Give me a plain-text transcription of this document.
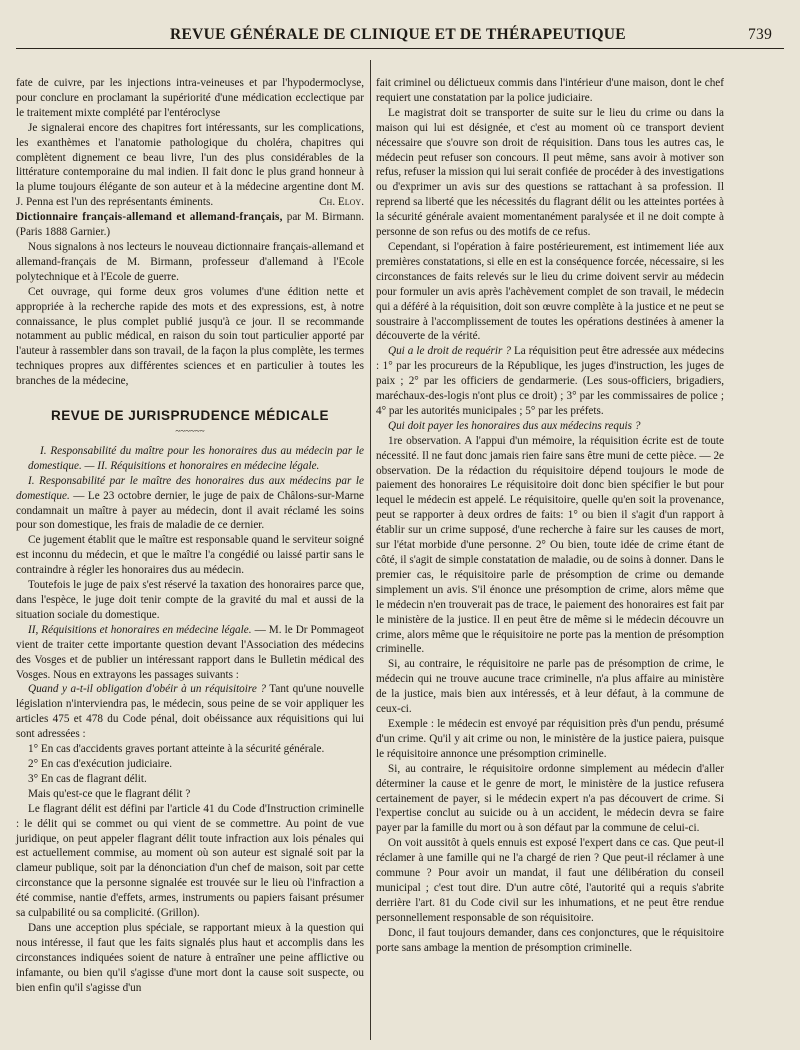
REVUE GÉNÉRALE DE CLINIQUE ET DE THÉRAPEUTIQUE	739

fate de cuivre, par les injections intra-veineuses et par l'hypodermoclyse, pour conclure en proclamant la supériorité d'une médication ecclectique par le traitement mixte complété par l'entéroclyse

Je signalerai encore des chapitres fort intéressants, sur les complications, les exanthèmes et l'anatomie pathologique du choléra, chapitres qui complètent dignement ce beau livre, l'un des plus considérables de la littérature contemporaine du mal indien. Il fait donc le plus grand honneur à la plume toujours élégante de son auteur et à la médecine argentine dont M. J. Penna est l'un des représentants éminents.	Ch. Eloy.

Dictionnaire français-allemand et allemand-français, par M. Birmann. (Paris 1888 Garnier.)

Nous signalons à nos lecteurs le nouveau dictionnaire français-allemand et allemand-français de M. Birmann, professeur d'allemand à l'Ecole polytechnique et à l'Ecole de guerre.

Cet ouvrage, qui forme deux gros volumes d'une édition nette et appropriée à la recherche rapide des mots et des expressions, est, à notre connaissance, le plus complet publié jusqu'à ce jour. Il se recommande notamment au public médical, en raison du soin tout particulier apporté par l'auteur à rassembler dans son travail, de la façon la plus complète, les termes techniques propres aux différentes sciences et en particulier à toutes les branches de la médecine,

REVUE DE JURISPRUDENCE MÉDICALE
~~~~~~

I. Responsabilité du maître pour les honoraires dus au médecin par le domestique. — II. Réquisitions et honoraires en médecine légale.

I. Responsabilité par le maître des honoraires dus aux médecins par le domestique. — Le 23 octobre dernier, le juge de paix de Châlons-sur-Marne condamnait un maître à payer au médecin, dont il avait réclamé les soins pour son domestique, les frais de maladie de ce dernier.

Ce jugement établit que le maître est responsable quand le serviteur soigné est inconnu du médecin, et que le maître l'a congédié ou laissé partir sans le contraindre à régler les honoraires dus au médecin.

Toutefois le juge de paix s'est réservé la taxation des honoraires parce que, dans l'espèce, le juge doit tenir compte de la gravité du mal et aussi de la situation sociale du domestique.

II, Réquisitions et honoraires en médecine légale. — M. le Dr Pommageot vient de traiter cette importante question devant l'Association des médecins des Vosges et de publier un intéressant rapport dans le Bulletin médical des Vosges. Nous en extrayons les passages suivants :

Quand y a-t-il obligation d'obéir à un réquisitoire ? Tant qu'une nouvelle législation n'interviendra pas, le médecin, sous peine de se voir appliquer les articles 475 et 478 du Code pénal, doit obéissance aux réquisitions qui lui sont adressées :

1° En cas d'accidents graves portant atteinte à la sécurité générale.

2° En cas d'exécution judiciaire.

3° En cas de flagrant délit.

Mais qu'est-ce que le flagrant délit ?

Le flagrant délit est défini par l'article 41 du Code d'Instruction criminelle : le délit qui se commet ou qui vient de se commettre. Au point de vue juridique, on peut appeler flagrant délit toute infraction aux lois pénales qui est actuellement commise, au moment où son auteur est signalé soit par la clameur publique, soit par la dénonciation d'un chef de maison, soit par cette circonstance que la personne signalée est trouvée sur le lieu où l'infraction a été commise, nantie d'effets, armes, instruments ou papiers faisant présumer sa culpabilité ou sa complicité. (Grillon).

Dans une acception plus spéciale, se rapportant mieux à la question qui nous intéresse, il faut que les faits signalés plus haut et accomplis dans les circonstances indiquées soient de nature à entraîner une peine afflictive ou infamante, ou bien qu'il s'agisse d'une mort dont la cause soit suspecte, ou bien enfin qu'il s'agisse d'un

fait criminel ou délictueux commis dans l'intérieur d'une maison, dont le chef requiert une constatation par la police judiciaire.

Le magistrat doit se transporter de suite sur le lieu du crime ou dans la maison qui lui est désignée, et c'est au moment où ce transport devient nécessaire que s'ouvre son droit de réquisition. Dans tous les autres cas, le médecin peut refuser son concours. Il peut même, sans avoir à motiver son refus, refuser la mission qui lui serait confiée de procéder à des investigations ou d'exprimer un avis sur des questions se rattachant à sa profession. Il reprend sa liberté que les nécessités du flagrant délit ou les atteintes portées à la sécurité générale avaient momentanément paralysée et il ne doit compte à personne de son refus ou des motifs de ce refus.

Cependant, si l'opération à faire postérieurement, est intimement liée aux premières constatations, si elle en est la conséquence forcée, nécessaire, si les circonstances de faits relevés sur le lieu du crime doivent servir au médecin pour formuler un avis après l'achèvement complet de son travail, le médecin qui a déféré à la réquisition, doit son œuvre complète à la justice et ne peut se soustraire à l'accomplissement de toutes les opérations destinées à amener la découverte de la vérité.

Qui a le droit de requérir ? La réquisition peut être adressée aux médecins : 1° par les procureurs de la République, les juges d'instruction, les juges de paix ; 2° par les officiers de gendarmerie. (Les sous-officiers, brigadiers, maréchaux-des-logis n'ont plus ce droit) ; 3° par les commissaires de police ; 4° par les autorités municipales ; 5° par les préfets.

Qui doit payer les honoraires dus aux médecins requis ?

1re observation. A l'appui d'un mémoire, la réquisition écrite est de toute nécessité. Il ne faut donc jamais rien faire sans être muni de cette pièce. — 2e observation. De la rédaction du réquisitoire dépend toujours le mode de paiement des honoraires Le réquisitoire doit donc bien spécifier le but pour lequel le médecin est appelé. Le réquisitoire, quelle qu'en soit la provenance, peut se rapporter à deux ordres de faits: 1° ou bien il s'agit d'un rapport à établir sur un crime supposé, d'une recherche à faire sur les causes de mort, sur l'état morbide d'une personne. 2° Ou bien, toute idée de crime étant de côté, il s'agit de simple constatation de maladie, ou de soins à donner. Dans le premier cas, le réquisitoire parle de présomption de crime ou demande simplement un avis. S'il énonce une présomption de crime, alors même que le médecin n'en trouverait pas de trace, le paiement des honoraires est fait par le ministère de la justice. Il en peut être de même si le médecin découvre un crime, alors même que le réquisitoire ne porte pas la mention de présomption criminelle.

Si, au contraire, le réquisitoire ne parle pas de présomption de crime, le médecin qui ne trouve aucune trace criminelle, n'a plus affaire au ministère de la justice, mais bien aux intéressés, et à leur défaut, à la commune de ceux-ci.

Exemple : le médecin est envoyé par réquisition près d'un pendu, présumé d'un crime. Qu'il y ait crime ou non, le ministère de la justice paiera, puisque le réquisitoire annonce une présomption criminelle.

Si, au contraire, le réquisitoire ordonne simplement au médecin d'aller déterminer la cause et le genre de mort, le ministère de la justice refusera certainement de payer, si le médecin expert n'a pas découvert de crime. Si l'expertise conclut au suicide ou à un accident, le médecin devra se faire payer par la famille du mort ou à son défaut par la commune de celui-ci.

On voit aussitôt à quels ennuis est exposé l'expert dans ce cas. Que peut-il réclamer à une famille qui ne l'a chargé de rien ? Que peut-il réclamer à une commune ? Pour avoir un mandat, il faut une délibération du conseil municipal ; c'est tout dire. D'un autre côté, l'autorité qui a requis s'abrite derrière l'art. 81 du Code civil sur les inhumations, et ne peut être rendue personnellement responsable de son réquisitoire.

Donc, il faut toujours demander, dans ces conjonctures, que le réquisitoire porte sans ambage la mention de présomption criminelle.
